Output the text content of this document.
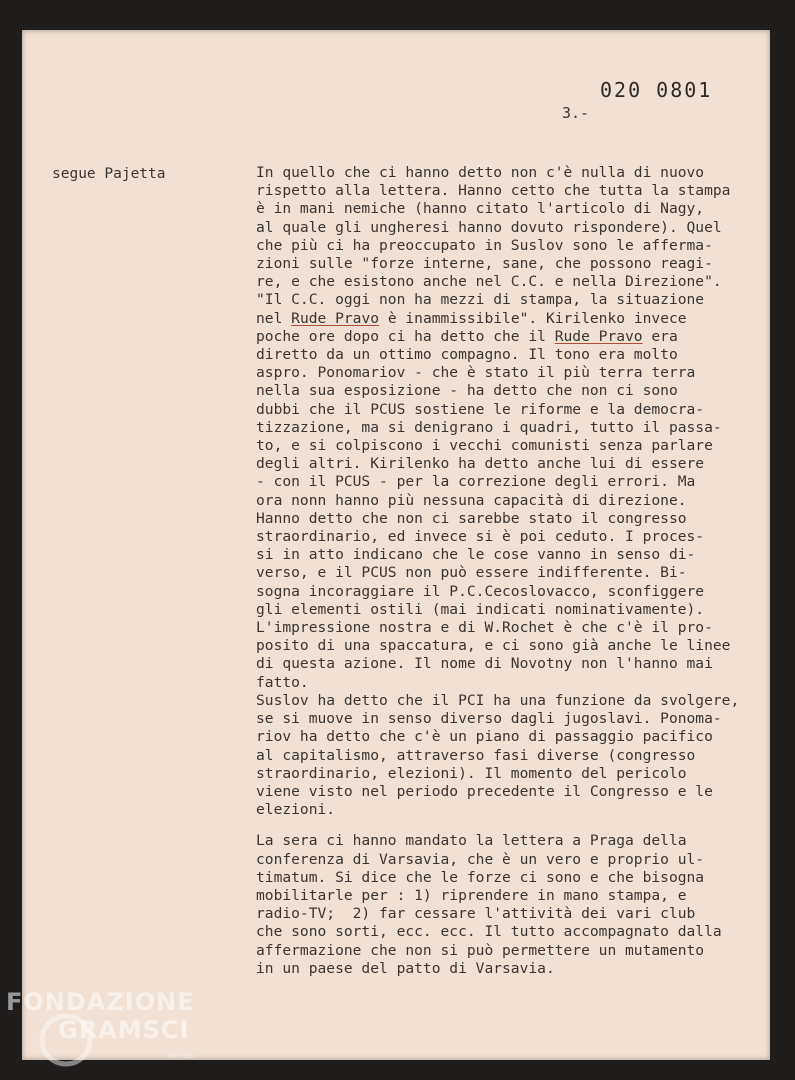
020 0801
3.-
segue Pajetta	In quello che ci hanno detto non c'è nulla di nuovo
rispetto alla lettera. Hanno cetto che tutta la stampa
è in mani nemiche (hanno citato l'articolo di Nagy,
al quale gli ungheresi hanno dovuto rispondere). Quel
che più ci ha preoccupato in Suslov sono le afferma-
zioni sulle "forze interne, sane, che possono reagi-
re, e che esistono anche nel C.C. e nella Direzione".
"Il C.C. oggi non ha mezzi di stampa, la situazione
nel Rude Pravo è inammissibile". Kirilenko invece
poche ore dopo ci ha detto che il Rude Pravo era
diretto da un ottimo compagno. Il tono era molto
aspro. Ponomariov - che è stato il più terra terra
nella sua esposizione - ha detto che non ci sono
dubbi che il PCUS sostiene le riforme e la democra-
tizzazione, ma si denigrano i quadri, tutto il passa-
to, e si colpiscono i vecchi comunisti senza parlare
degli altri. Kirilenko ha detto anche lui di essere
- con il PCUS - per la correzione degli errori. Ma
ora nonn hanno più nessuna capacità di direzione.
Hanno detto che non ci sarebbe stato il congresso
straordinario, ed invece si è poi ceduto. I proces-
si in atto indicano che le cose vanno in senso di-
verso, e il PCUS non può essere indifferente. Bi-
sogna incoraggiare il P.C.Cecoslovacco, sconfiggere
gli elementi ostili (mai indicati nominativamente).
L'impressione nostra e di W.Rochet è che c'è il pro-
posito di una spaccatura, e ci sono già anche le linee
di questa azione. Il nome di Novotny non l'hanno mai
fatto.
Suslov ha detto che il PCI ha una funzione da svolgere,
se si muove in senso diverso dagli jugoslavi. Ponoma-
riov ha detto che c'è un piano di passaggio pacifico
al capitalismo, attraverso fasi diverse (congresso
straordinario, elezioni). Il momento del pericolo
viene visto nel periodo precedente il Congresso e le
elezioni.
La sera ci hanno mandato la lettera a Praga della
conferenza di Varsavia, che è un vero e proprio ul-
timatum. Si dice che le forze ci sono e che bisogna
mobilitarle per : 1) riprendere in mano stampa, e
radio-TV;  2) far cessare l'attività dei vari club
che sono sorti, ecc. ecc. Il tutto accompagnato dalla
affermazione che non si può permettere un mutamento
in un paese del patto di Varsavia.
FONDAZIONE
GRAMSCI
onlus
